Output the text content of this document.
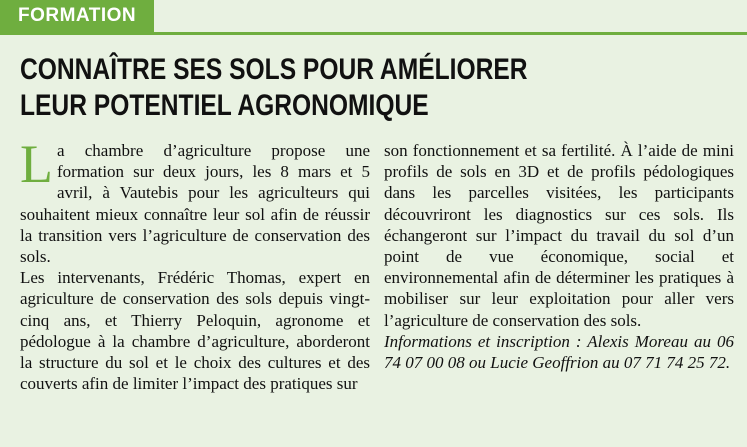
FORMATION
CONNAÎTRE SES SOLS POUR AMÉLIORER
LEUR POTENTIEL AGRONOMIQUE

La chambre d’agriculture propose une formation sur deux jours, les 8 mars et 5 avril, à Vautebis pour les agriculteurs qui souhaitent mieux connaître leur sol afin de réussir la transition vers l’agriculture de conservation des sols.

Les intervenants, Frédéric Thomas, expert en agriculture de conservation des sols depuis vingt-cinq ans, et Thierry Peloquin, agronome et pédologue à la chambre d’agriculture, aborderont la structure du sol et le choix des cultures et des couverts afin de limiter l’impact des pratiques sur

son fonctionnement et sa fertilité. À l’aide de mini profils de sols en 3D et de profils pédologiques dans les parcelles visitées, les participants découvriront les diagnostics sur ces sols. Ils échangeront sur l’impact du travail du sol d’un point de vue économique, social et environnemental afin de déterminer les pratiques à mobiliser sur leur exploitation pour aller vers l’agriculture de conservation des sols.

Informations et inscription : Alexis Moreau au 06 74 07 00 08 ou Lucie Geoffrion au 07 71 74 25 72.
